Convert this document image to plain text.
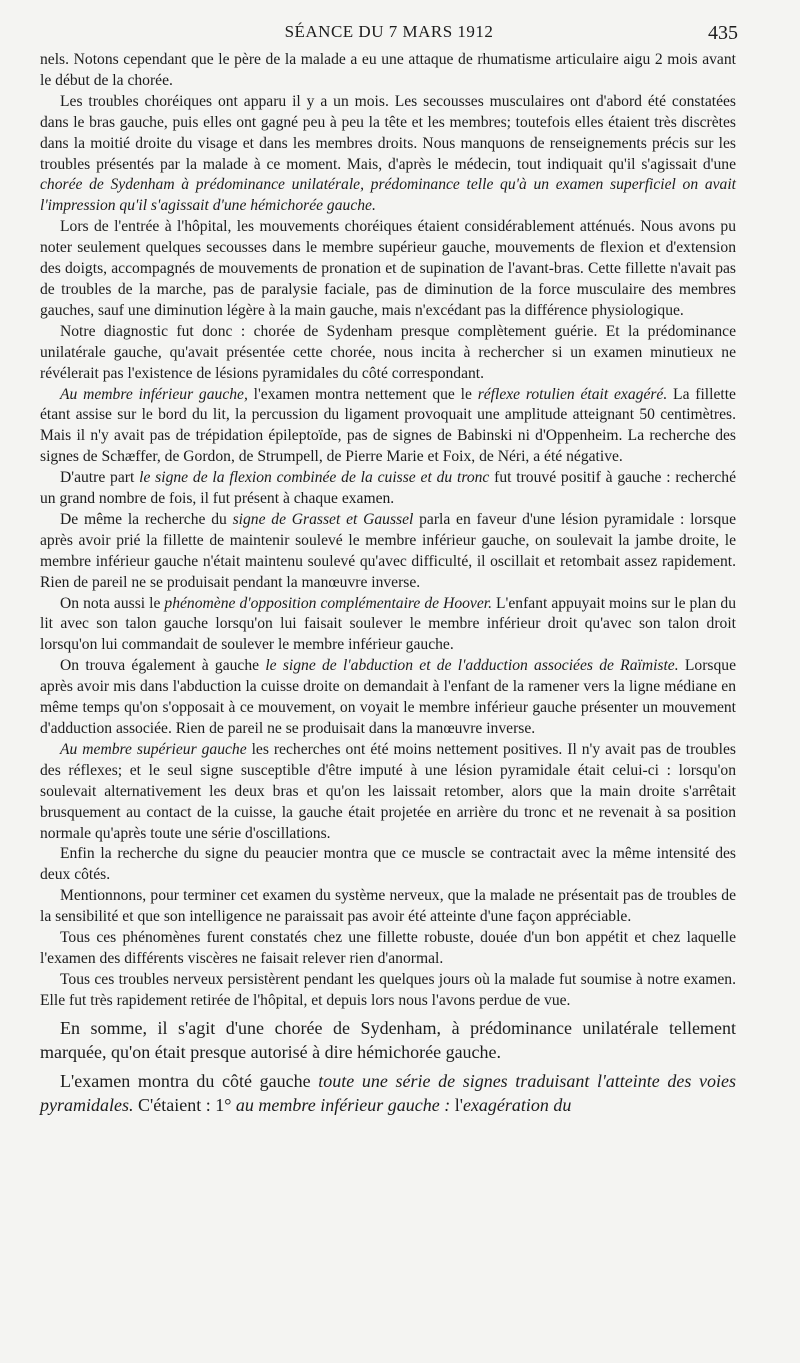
SÉANCE DU 7 MARS 1912	435

nels. Notons cependant que le père de la malade a eu une attaque de rhumatisme articulaire aigu 2 mois avant le début de la chorée.

Les troubles choréiques ont apparu il y a un mois. Les secousses musculaires ont d'abord été constatées dans le bras gauche, puis elles ont gagné peu à peu la tête et les membres; toutefois elles étaient très discrètes dans la moitié droite du visage et dans les membres droits. Nous manquons de renseignements précis sur les troubles présentés par la malade à ce moment. Mais, d'après le médecin, tout indiquait qu'il s'agissait d'une chorée de Sydenham à prédominance unilatérale, prédominance telle qu'à un examen superficiel on avait l'impression qu'il s'agissait d'une hémichorée gauche.

Lors de l'entrée à l'hôpital, les mouvements choréiques étaient considérablement atténués. Nous avons pu noter seulement quelques secousses dans le membre supérieur gauche, mouvements de flexion et d'extension des doigts, accompagnés de mouvements de pronation et de supination de l'avant-bras. Cette fillette n'avait pas de troubles de la marche, pas de paralysie faciale, pas de diminution de la force musculaire des membres gauches, sauf une diminution légère à la main gauche, mais n'excédant pas la différence physiologique.

Notre diagnostic fut donc : chorée de Sydenham presque complètement guérie. Et la prédominance unilatérale gauche, qu'avait présentée cette chorée, nous incita à rechercher si un examen minutieux ne révélerait pas l'existence de lésions pyramidales du côté correspondant.

Au membre inférieur gauche, l'examen montra nettement que le réflexe rotulien était exagéré. La fillette étant assise sur le bord du lit, la percussion du ligament provoquait une amplitude atteignant 50 centimètres. Mais il n'y avait pas de trépidation épileptoïde, pas de signes de Babinski ni d'Oppenheim. La recherche des signes de Schæffer, de Gordon, de Strumpell, de Pierre Marie et Foix, de Néri, a été négative.

D'autre part le signe de la flexion combinée de la cuisse et du tronc fut trouvé positif à gauche : recherché un grand nombre de fois, il fut présent à chaque examen.

De même la recherche du signe de Grasset et Gaussel parla en faveur d'une lésion pyramidale : lorsque après avoir prié la fillette de maintenir soulevé le membre inférieur gauche, on soulevait la jambe droite, le membre inférieur gauche n'était maintenu soulevé qu'avec difficulté, il oscillait et retombait assez rapidement. Rien de pareil ne se produisait pendant la manœuvre inverse.

On nota aussi le phénomène d'opposition complémentaire de Hoover. L'enfant appuyait moins sur le plan du lit avec son talon gauche lorsqu'on lui faisait soulever le membre inférieur droit qu'avec son talon droit lorsqu'on lui commandait de soulever le membre inférieur gauche.

On trouva également à gauche le signe de l'abduction et de l'adduction associées de Raïmiste. Lorsque après avoir mis dans l'abduction la cuisse droite on demandait à l'enfant de la ramener vers la ligne médiane en même temps qu'on s'opposait à ce mouvement, on voyait le membre inférieur gauche présenter un mouvement d'adduction associée. Rien de pareil ne se produisait dans la manœuvre inverse.

Au membre supérieur gauche les recherches ont été moins nettement positives. Il n'y avait pas de troubles des réflexes; et le seul signe susceptible d'être imputé à une lésion pyramidale était celui-ci : lorsqu'on soulevait alternativement les deux bras et qu'on les laissait retomber, alors que la main droite s'arrêtait brusquement au contact de la cuisse, la gauche était projetée en arrière du tronc et ne revenait à sa position normale qu'après toute une série d'oscillations.

Enfin la recherche du signe du peaucier montra que ce muscle se contractait avec la même intensité des deux côtés.

Mentionnons, pour terminer cet examen du système nerveux, que la malade ne présentait pas de troubles de la sensibilité et que son intelligence ne paraissait pas avoir été atteinte d'une façon appréciable.

Tous ces phénomènes furent constatés chez une fillette robuste, douée d'un bon appétit et chez laquelle l'examen des différents viscères ne faisait relever rien d'anormal.

Tous ces troubles nerveux persistèrent pendant les quelques jours où la malade fut soumise à notre examen. Elle fut très rapidement retirée de l'hôpital, et depuis lors nous l'avons perdue de vue.

En somme, il s'agit d'une chorée de Sydenham, à prédominance unilatérale tellement marquée, qu'on était presque autorisé à dire hémichorée gauche.

L'examen montra du côté gauche toute une série de signes traduisant l'atteinte des voies pyramidales. C'étaient : 1° au membre inférieur gauche : l'exagération du
